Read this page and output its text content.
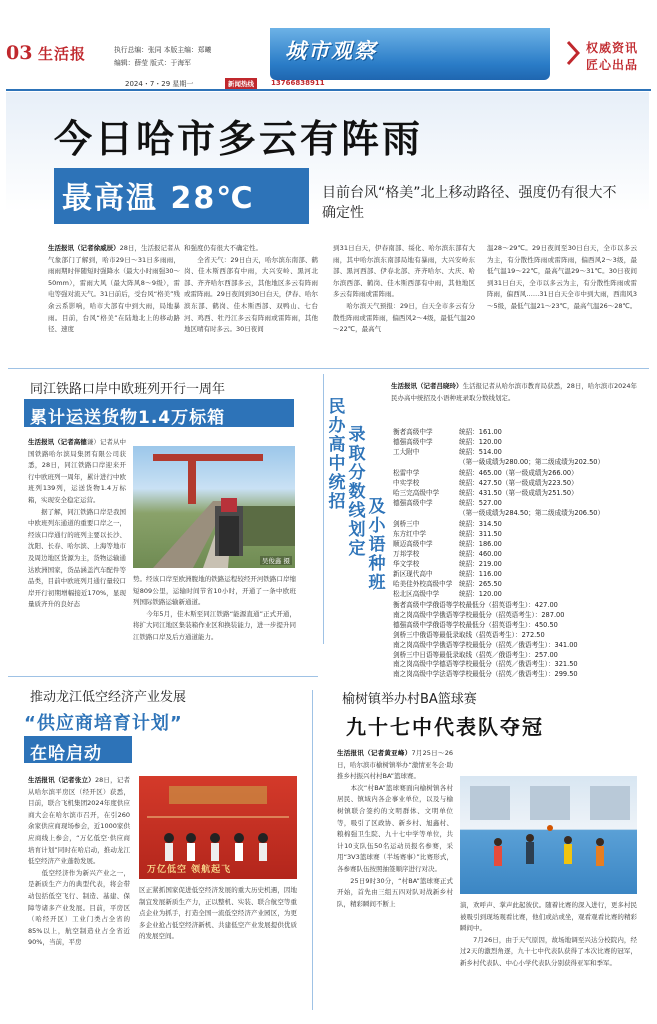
03 生活报	执行总编：张同 本版主编：郑曦
编辑：薛莹 版式：于海军	城市观察	权威资讯
匠心出品
2024・7・29 星期一	新闻热线	13766838911
今日哈市多云有阵雨
最高温 28℃	目前台风“格美”北上移动路径、强度仍有很大不确定性
生活报讯（记者徐威辰）28日，生活报记者从气象部门了解到，哈市29日～31日多雨雨，雨雨期时伴随短时强降水（最大小时雨强30～50mm），雷雨大风（最大阵风8～9级），雷电等强对流天气。31日前后，受台风“格美”残余云系影响，哈市大部有中到大雨，局地暴雨。目前，台风“格美”在陆地北上的移动路径、速度
和强度仍有很大不确定性。
　　全省天气：29日白天，哈尔滨东南部、鹤岗、佳木斯西部有中雨，大兴安岭、黑河北部、齐齐哈尔西部多云，其他地区多云有阵雨或雷阵雨。29日夜间到30日白天，伊春、哈尔滨东部、鹤岗、佳木斯西部、双鸭山、七台河、鸡西、牡丹江多云有阵雨或雷阵雨，其他地区晴有时多云。30日夜间
到31日白天，伊春南部、绥化、哈尔滨东部有大雨，其中哈尔滨东南部局地有暴雨，大兴安岭东部、黑河西部、伊春北部、齐齐哈尔、大庆、哈尔滨西部、鹤岗、佳木斯西部有中雨，其他地区多云有阵雨或雷阵雨。
　　哈尔滨天气预报：29日，白天全市多云有分散性阵雨或雷阵雨，偏西风2～4级，最低气温20～22℃，最高气
温28～29℃。29日夜间至30日白天，全市以多云为主，有分散性阵雨或雷阵雨，偏西风2～3级，最低气温19～22℃，最高气温29～31℃。30日夜间到31日白天，全市以多云为主，有分散性阵雨或雷阵雨，偏西风……31日白天全市中到大雨，西南风3～5级，最低气温21～23℃，最高气温26～28℃。
同江铁路口岸中欧班列开行一周年
累计运送货物1.4万标箱
生活报讯（记者高德谦）记者从中国铁路哈尔滨局集团有限公司获悉，28日，同江铁路口岸迎来开行中欧班列一周年，累计进行中欧班列139列，运送货物1.4万标箱，实现安全稳定运营。
　　据了解，同江铁路口岸是我国中欧班列东通道的重要口岸之一，经该口岸通行的班列主要以长沙、沈阳、长春、哈尔滨、上海等地市及周边地区货源为主，货物运输通达欧洲国家，货品涵盖汽车配件等品类，目前中欧班列月通行量较口岸开行初期增幅接近170%，显现量质齐升的良好态
吴俊鑫 摄
势。经该口岸至欧洲腹地的铁路运程较经开河铁路口岸缩短809公里，运输时间节省10小时，开通了一条中欧班列国际铁路运输新通道。
　　今年5月，佳木斯至同江铁路“能源直通”正式开通，将扩大同江地区集装箱作业区和换装能力，进一步提升同江铁路口岸及后方通道能力。
民办高中统招
录取分数线划定
及小语种班
生活报讯（记者吕晓玲）生活报记者从哈尔滨市教育局获悉，28日，哈尔滨市2024年民办高中统招及小语种班录取分数线划定。
衡者高级中学	统招：161.00
德强高级中学	统招：120.00
工大附中	统招：514.00
（第一級成绩为280.00；第二级成绩为202.50）
松雷中学	统招：465.00（第一级成绩为266.00）
中实学校	统招：427.50（第一级成绩为223.50）
哈三完高级中学	统招：431.50（第一级成绩为251.50）
德强高级中学	统招：527.00
（第一级成绩为284.50；第二级成绩为206.50）
剑桥三中	统招：314.50
东方红中学	统招：311.50
顺迈高级中学	统招：186.00
万邦学校	统招：460.00
华文学校	统招：219.00
新区现代高中	统招：116.00
哈美佳外校高级中学 统招：265.50
松北区高级中学	统招：120.00
衡者高级中学俄语等学校最低分（招英语考生）：427.00
南之岗高级中学俄语等学校最低分（招英语考生）：287.00
德强高级中学俄语等学校最低分（招英语考生）：450.50
剑桥三中俄语等最低录取线（招英语考生）：272.50
南之岗高级中学俄语等学校最低分（招英／俄语考生）：341.00
剑桥三中日语等最低录取线（招英／俄语考生）：257.00
南之岗高级中学德语等学校最低分（招英／俄语考生）：321.50
南之岗高级中学法语等学校最低分（招英／俄语考生）：299.50
推动龙江低空经济产业发展
“供应商培育计划”
在哈启动
生活报讯（记者张立）28日，记者从哈尔滨平房区（经开区）获悉，目前，联合飞机集团2024年度供应商大会在哈尔滨市召开，在引260余家供应商现场参会，近1000家供应商线上参会，“万亿低空·供应商培育计划”同时在哈启动，推动龙江低空经济产业蓬勃发展。
　　低空经济作为新兴产业之一，是新质生产力的典型代表，将会带动包括低空飞行、制造、基建、保障等诸多产业发展。目前，平房区（哈经开区）工业门类占全省的85%以上，航空制造业占全省近90%，当前，平房
万亿低空 领航起飞
区正紧抓国家促进低空经济发展的重大历史机遇，因地制宜发展新质生产力，正以整机、实装、联合航空等重点企业为抓手，打造全国一流低空经济产业园区，为更多企业抢占低空经济新机、共建低空产业发展提供优质的发展空间。
榆树镇举办村BA篮球赛
九十七中代表队夺冠
生活报讯（记者黄亚峰）7月25日～26日，哈尔滨市榆树镇举办“激情亚冬会·助推乡村振兴村村BA”篮球赛。
　　本次“村BA”篮球赛面向榆树镇各村居民、镇域内各企事业单位，以及与榆树镇联合签约的文明群体、文明单位等，吸引了区政协、新乡村、旭鑫村、粮棉强卫生院、九十七中学等单位，共计10支队伍50名运动员报名参赛，采用“3V3篮球赛（半场赛事）”比赛形式，各参赛队伍按照抽签顺序进行对决。
　　25日9时30分，“村BA”篮球赛正式开始，首先由三组五四对队对战新乡村队，精彩瞬间不断上	演，欢呼声、掌声此起彼伏。随着比赛的深入进行，更多村民被吸引到现场观看比赛，他们或站或坐，观看观看比赛的精彩瞬间中。
　　7月26日，由于天气原因，故场地调至兴达分校院内，经过2天的激烈角逐，九十七中代表队获得了本次比赛的冠军，新乡村代表队、中心小学代表队分别获得亚军和季军。
